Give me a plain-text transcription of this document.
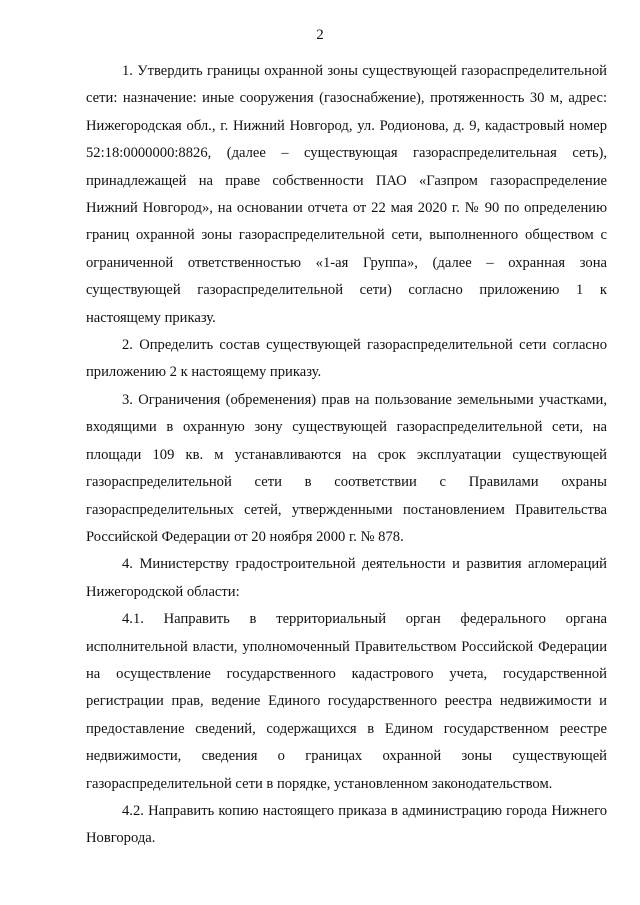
2

1. Утвердить границы охранной зоны существующей газораспределительной сети: назначение: иные сооружения (газоснабжение), протяженность 30 м, адрес: Нижегородская обл., г. Нижний Новгород, ул. Родионова, д. 9, кадастровый номер 52:18:0000000:8826, (далее – существующая газораспределительная сеть), принадлежащей на праве собственности ПАО «Газпром газораспределение Нижний Новгород», на основании отчета от 22 мая 2020 г. № 90 по определению границ охранной зоны газораспределительной сети, выполненного обществом с ограниченной ответственностью «1-ая Группа», (далее – охранная зона существующей газораспределительной сети) согласно приложению 1 к настоящему приказу.

2. Определить состав существующей газораспределительной сети согласно приложению 2 к настоящему приказу.

3. Ограничения (обременения) прав на пользование земельными участками, входящими в охранную зону существующей газораспределительной сети, на площади 109 кв. м устанавливаются на срок эксплуатации существующей газораспределительной сети в соответствии с Правилами охраны газораспределительных сетей, утвержденными постановлением Правительства Российской Федерации от 20 ноября 2000 г. № 878.

4. Министерству градостроительной деятельности и развития агломераций Нижегородской области:

4.1. Направить в территориальный орган федерального органа исполнительной власти, уполномоченный Правительством Российской Федерации на осуществление государственного кадастрового учета, государственной регистрации прав, ведение Единого государственного реестра недвижимости и предоставление сведений, содержащихся в Едином государственном реестре недвижимости, сведения о границах охранной зоны существующей газораспределительной сети в порядке, установленном законодательством.

4.2. Направить копию настоящего приказа в администрацию города Нижнего Новгорода.
